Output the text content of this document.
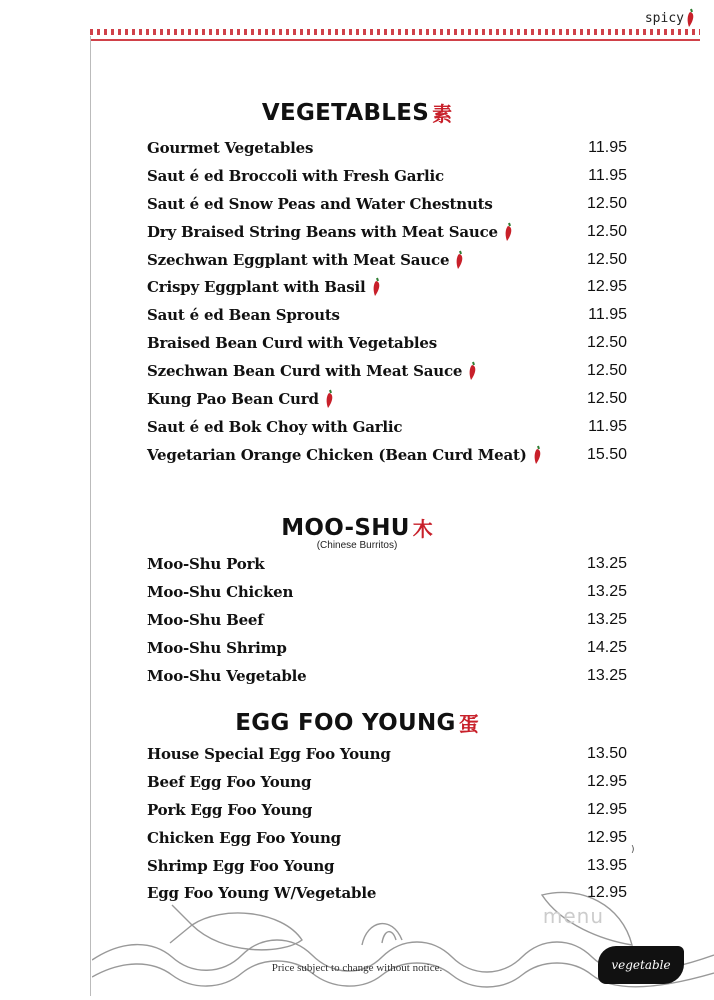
spicy
VEGETABLES 素
Gourmet Vegetables	11.95
Saut é ed Broccoli with Fresh Garlic	11.95
Saut é ed Snow Peas and Water Chestnuts	12.50
Dry Braised String Beans with Meat Sauce	12.50
Szechwan Eggplant with Meat Sauce	12.50
Crispy Eggplant with Basil	12.95
Saut é ed Bean Sprouts	11.95
Braised Bean Curd with Vegetables	12.50
Szechwan Bean Curd with Meat Sauce	12.50
Kung Pao Bean Curd	12.50
Saut é ed Bok Choy with Garlic	11.95
Vegetarian Orange Chicken (Bean Curd Meat)	15.50
MOO-SHU 木
(Chinese Burritos)
Moo-Shu Pork	13.25
Moo-Shu Chicken	13.25
Moo-Shu Beef	13.25
Moo-Shu Shrimp	14.25
Moo-Shu Vegetable	13.25
EGG FOO YOUNG 蛋
House Special Egg Foo Young	13.50
Beef Egg Foo Young	12.95
Pork Egg Foo Young	12.95
Chicken Egg Foo Young	12.95
Shrimp Egg Foo Young	13.95
Egg Foo Young W/Vegetable	12.95
)
menu
Price subject to change without notice.	vegetable
